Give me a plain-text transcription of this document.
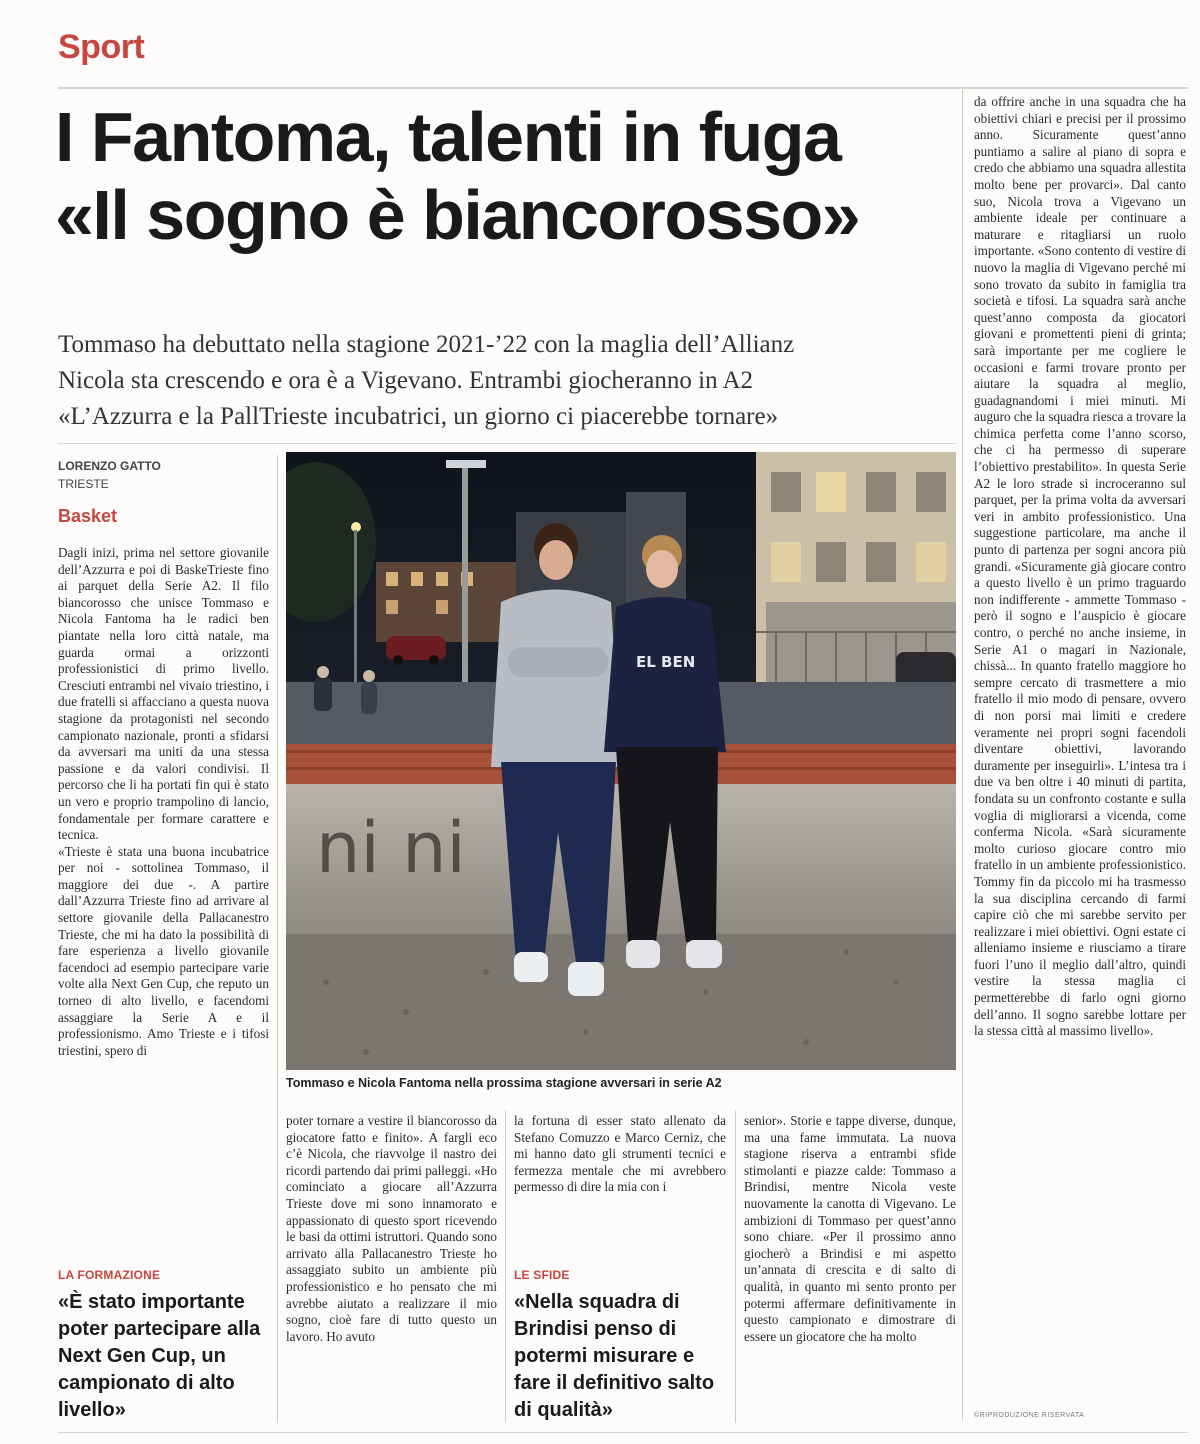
Sport
I Fantoma, talenti in fuga
«Il sogno è biancorosso»
Tommaso ha debuttato nella stagione 2021-’22 con la maglia dell’Allianz
Nicola sta crescendo e ora è a Vigevano. Entrambi giocheranno in A2
«L’Azzurra e la PallTrieste incubatrici, un giorno ci piacerebbe tornare»
LORENZO GATTO
TRIESTE
Basket

Dagli inizi, prima nel settore giovanile dell’Azzurra e poi di BaskeTrieste fino ai parquet della Serie A2. Il filo biancorosso che unisce Tommaso e Nicola Fantoma ha le radici ben piantate nella loro città natale, ma guarda ormai a orizzonti professionistici di primo livello. Cresciuti entrambi nel vivaio triestino, i due fratelli si affacciano a questa nuova stagione da protagonisti nel secondo campionato nazionale, pronti a sfidarsi da avversari ma uniti da una stessa passione e da valori condivisi. Il percorso che li ha portati fin qui è stato un vero e proprio trampolino di lancio, fondamentale per formare carattere e tecnica.

«Trieste è stata una buona incubatrice per noi - sottolinea Tommaso, il maggiore dei due -. A partire dall’Azzurra Trieste fino ad arrivare al settore giovanile della Pallacanestro Trieste, che mi ha dato la possibilità di fare esperienza a livello giovanile facendoci ad esempio partecipare varie volte alla Next Gen Cup, che reputo un torneo di alto livello, e facendomi assaggiare la Serie A e il professionismo. Amo Trieste e i tifosi triestini, spero di

LA FORMAZIONE
«È stato importante poter partecipare alla Next Gen Cup, un campionato di alto livello»
ni ni
EL BEN
Tommaso e Nicola Fantoma nella prossima stagione avversari in serie A2

poter tornare a vestire il biancorosso da giocatore fatto e finito». A fargli eco c’è Nicola, che riavvolge il nastro dei ricordi partendo dai primi palleggi. «Ho cominciato a giocare all’Azzurra Trieste dove mi sono innamorato e appassionato di questo sport ricevendo le basi da ottimi istruttori. Quando sono arrivato alla Pallacanestro Trieste ho assaggiato subito un ambiente più professionistico e ho pensato che mi avrebbe aiutato a realizzare il mio sogno, cioè fare di tutto questo un lavoro. Ho avuto

la fortuna di esser stato allenato da Stefano Comuzzo e Marco Cerniz, che mi hanno dato gli strumenti tecnici e fermezza mentale che mi avrebbero permesso di dire la mia con i

LE SFIDE
«Nella squadra di Brindisi penso di potermi misurare e fare il definitivo salto di qualità»

senior». Storie e tappe diverse, dunque, ma una fame immutata. La nuova stagione riserva a entrambi sfide stimolanti e piazze calde: Tommaso a Brindisi, mentre Nicola veste nuovamente la canotta di Vigevano. Le ambizioni di Tommaso per quest’anno sono chiare. «Per il prossimo anno giocherò a Brindisi e mi aspetto un’annata di crescita e di salto di qualità, in quanto mi sento pronto per potermi affermare definitivamente in questo campionato e dimostrare di essere un giocatore che ha molto

da offrire anche in una squadra che ha obiettivi chiari e precisi per il prossimo anno. Sicuramente quest’anno puntiamo a salire al piano di sopra e credo che abbiamo una squadra allestita molto bene per provarci». Dal canto suo, Nicola trova a Vigevano un ambiente ideale per continuare a maturare e ritagliarsi un ruolo importante. «Sono contento di vestire di nuovo la maglia di Vigevano perché mi sono trovato da subito in famiglia tra società e tifosi. La squadra sarà anche quest’anno composta da giocatori giovani e promettenti pieni di grinta; sarà importante per me cogliere le occasioni e farmi trovare pronto per aiutare la squadra al meglio, guadagnandomi i miei minuti. Mi auguro che la squadra riesca a trovare la chimica perfetta come l’anno scorso, che ci ha permesso di superare l’obiettivo prestabilito». In questa Serie A2 le loro strade si incroceranno sul parquet, per la prima volta da avversari veri in ambito professionistico. Una suggestione particolare, ma anche il punto di partenza per sogni ancora più grandi. «Sicuramente già giocare contro a questo livello è un primo traguardo non indifferente - ammette Tommaso - però il sogno e l’auspicio è giocare contro, o perché no anche insieme, in Serie A1 o magari in Nazionale, chissà... In quanto fratello maggiore ho sempre cercato di trasmettere a mio fratello il mio modo di pensare, ovvero di non porsi mai limiti e credere veramente nei propri sogni facendoli diventare obiettivi, lavorando duramente per inseguirli». L’intesa tra i due va ben oltre i 40 minuti di partita, fondata su un confronto costante e sulla voglia di migliorarsi a vicenda, come conferma Nicola. «Sarà sicuramente molto curioso giocare contro mio fratello in un ambiente professionistico. Tommy fin da piccolo mi ha trasmesso la sua disciplina cercando di farmi capire ciò che mi sarebbe servito per realizzare i miei obiettivi. Ogni estate ci alleniamo insieme e riusciamo a tirare fuori l’uno il meglio dall’altro, quindi vestire la stessa maglia ci permetterebbe di farlo ogni giorno dell’anno. Il sogno sarebbe lottare per la stessa città al massimo livello».

©RIPRODUZIONE RISERVATA
